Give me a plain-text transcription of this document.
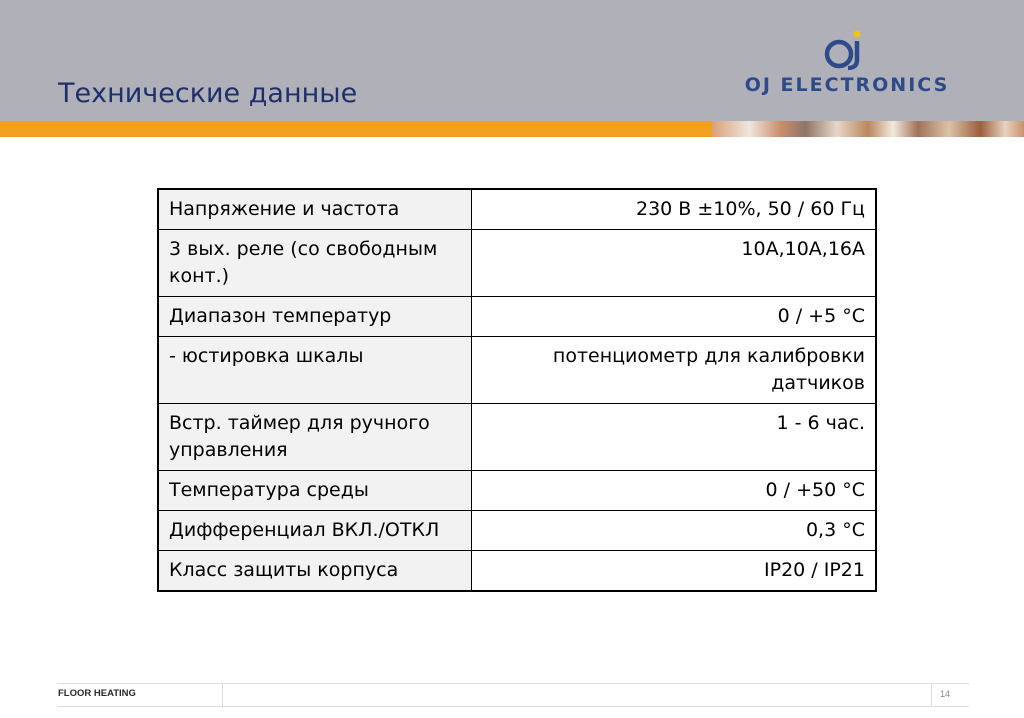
Технические данные	OJ ELECTRONICS
Напряжение и частота	230 В ±10%, 50 / 60 Гц
3 вых. реле (со свободным конт.)	10A,10A,16A
Диапазон температур	0 / +5 °C
- юстировка шкалы	потенциометр для калибровки датчиков
Встр. таймер для ручного управления	1 - 6 час.
Температура среды	0 / +50 °C
Дифференциал ВКЛ./ОТКЛ	0,3 °C
Класс защиты корпуса	IP20 / IP21
FLOOR HEATING	14
